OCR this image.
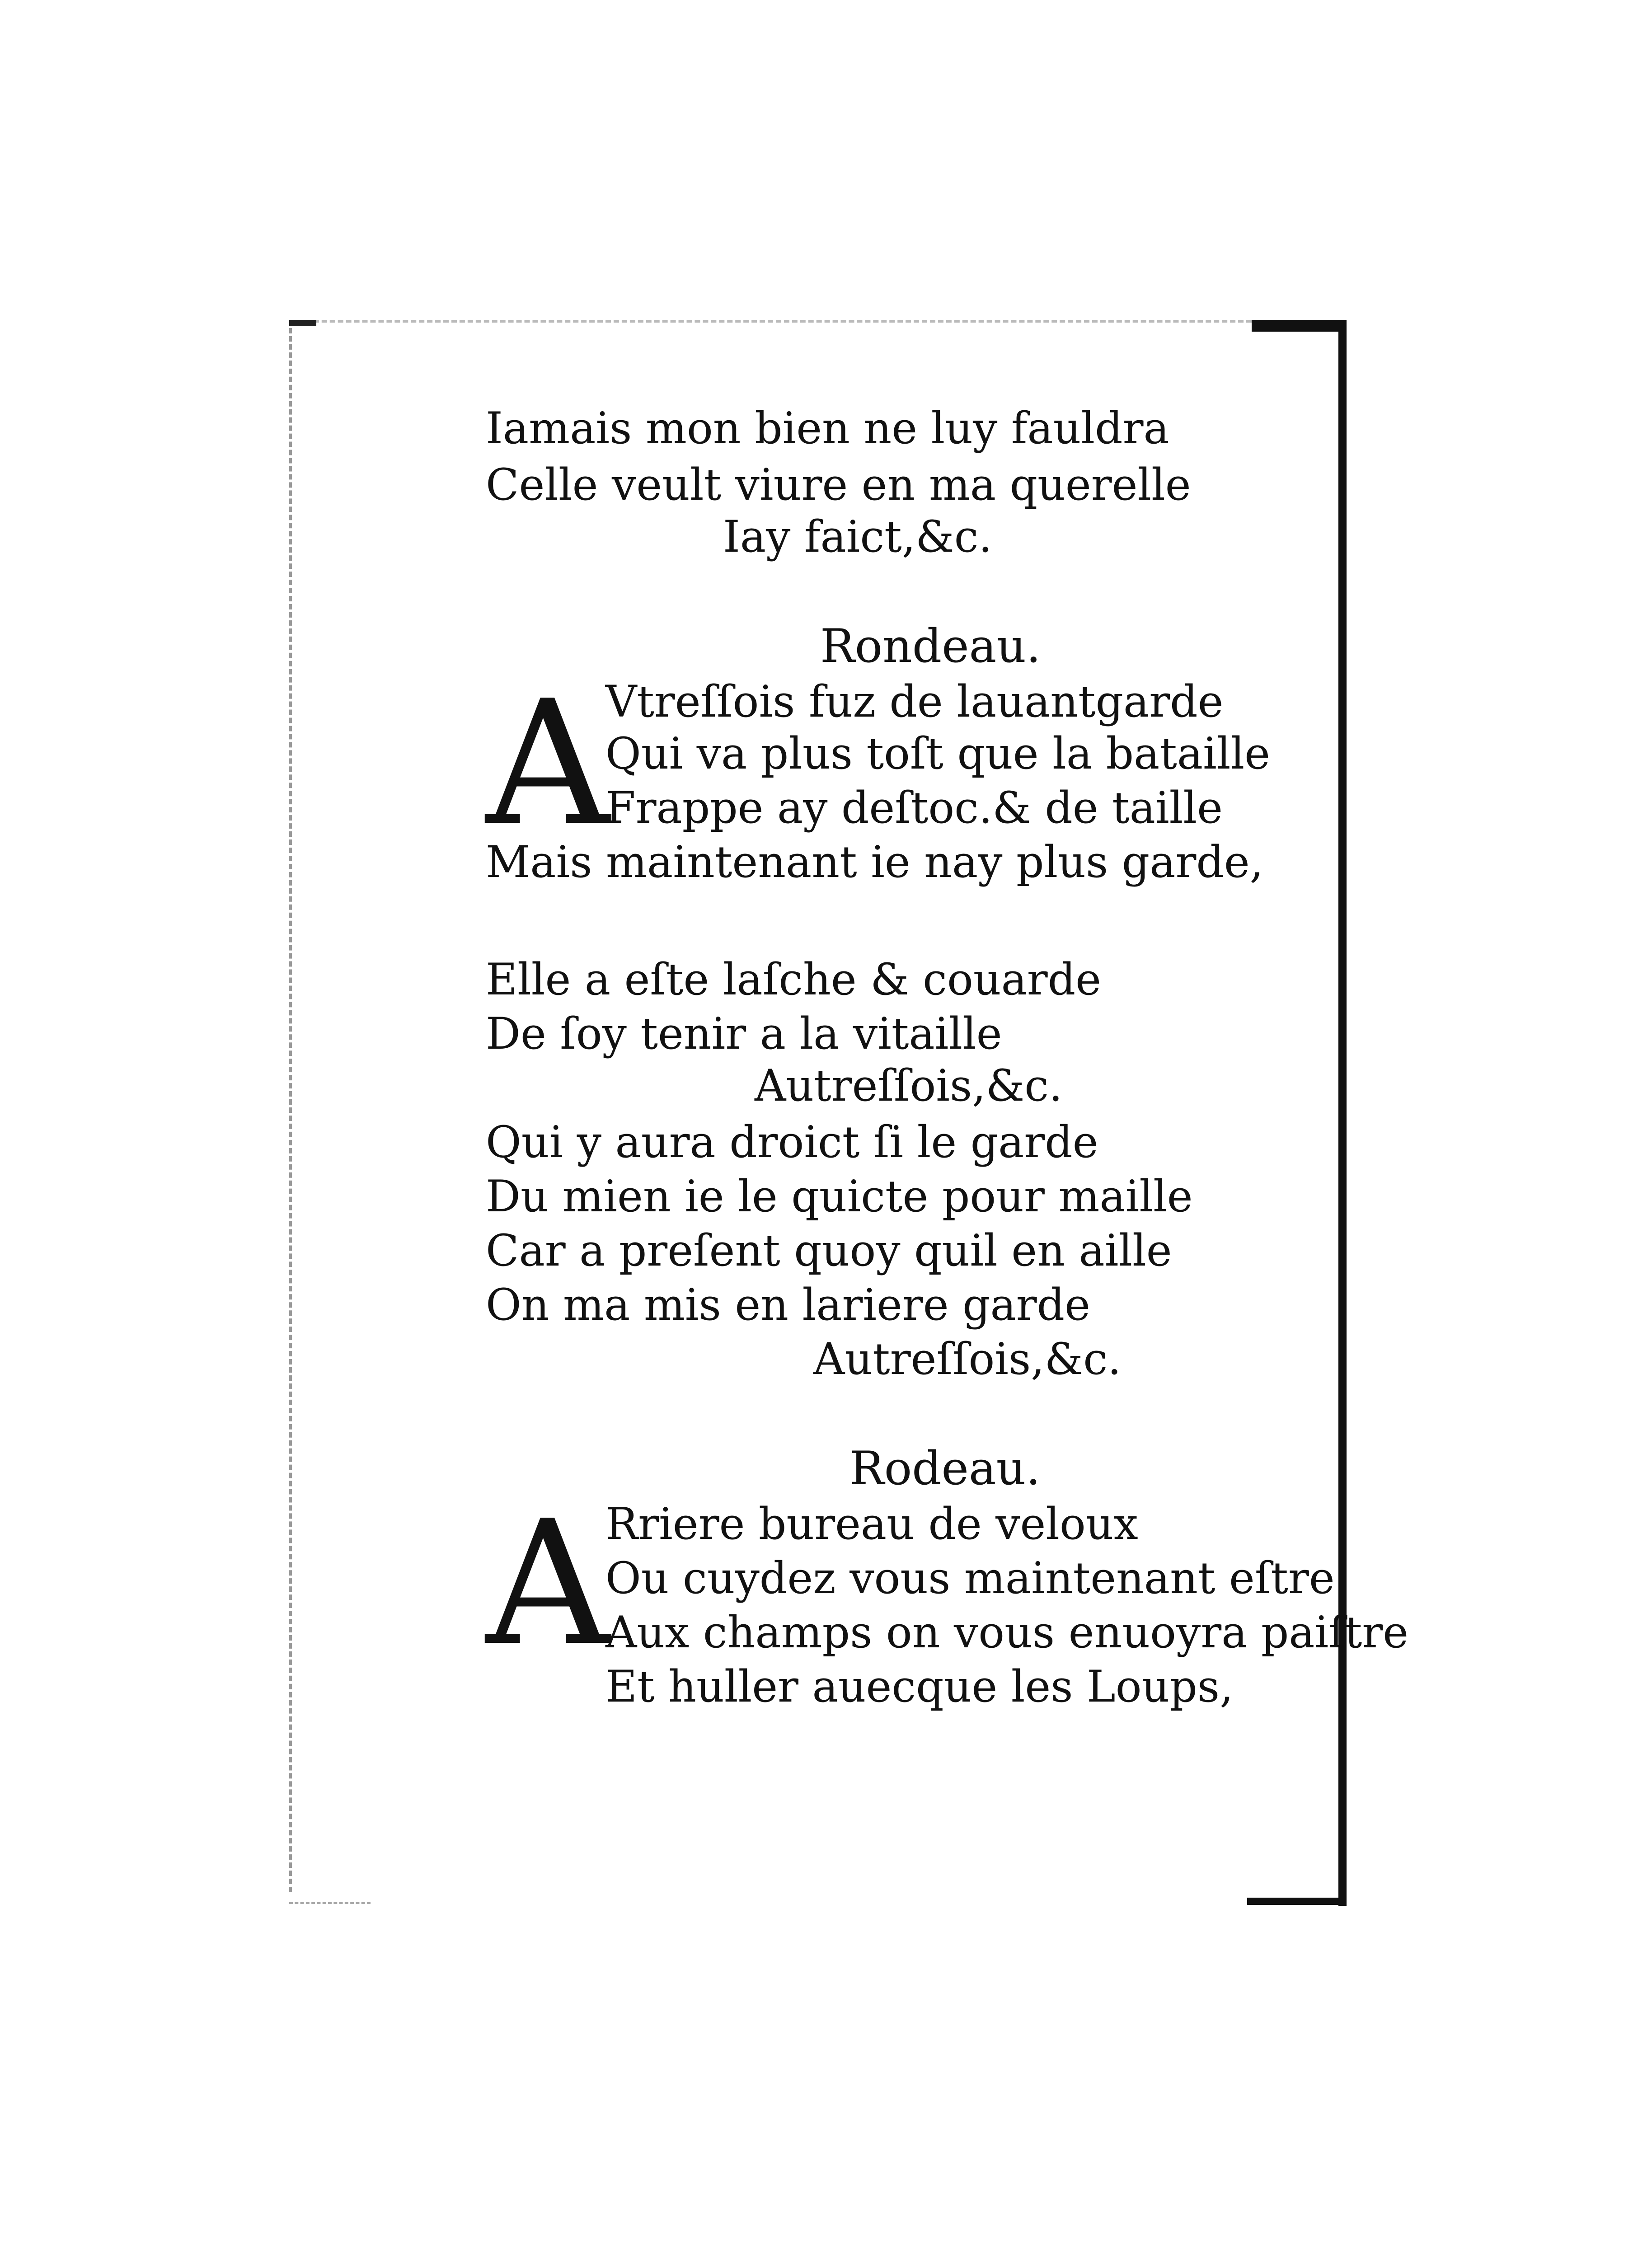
Iamais mon bien ne luy fauldra
Celle veult viure en ma querelle
Iay faict,&c.
Rondeau.
A
Vtreſſois fuz de lauantgarde
Qui va plus toſt que la bataille
Frappe ay deſtoc.& de taille
Mais maintenant ie nay plus garde,
Elle a eſte laſche & couarde
De ſoy tenir a la vitaille
Autreſſois,&c.
Qui y aura droict ſi le garde
Du mien ie le quicte pour maille
Car a preſent quoy quil en aille
On ma mis en lariere garde
Autreſſois,&c.
Rodeau.
A
Rriere bureau de veloux
Ou cuydez vous maintenant eſtre
Aux champs on vous enuoyra paiſtre
Et huller auecque les Loups,
